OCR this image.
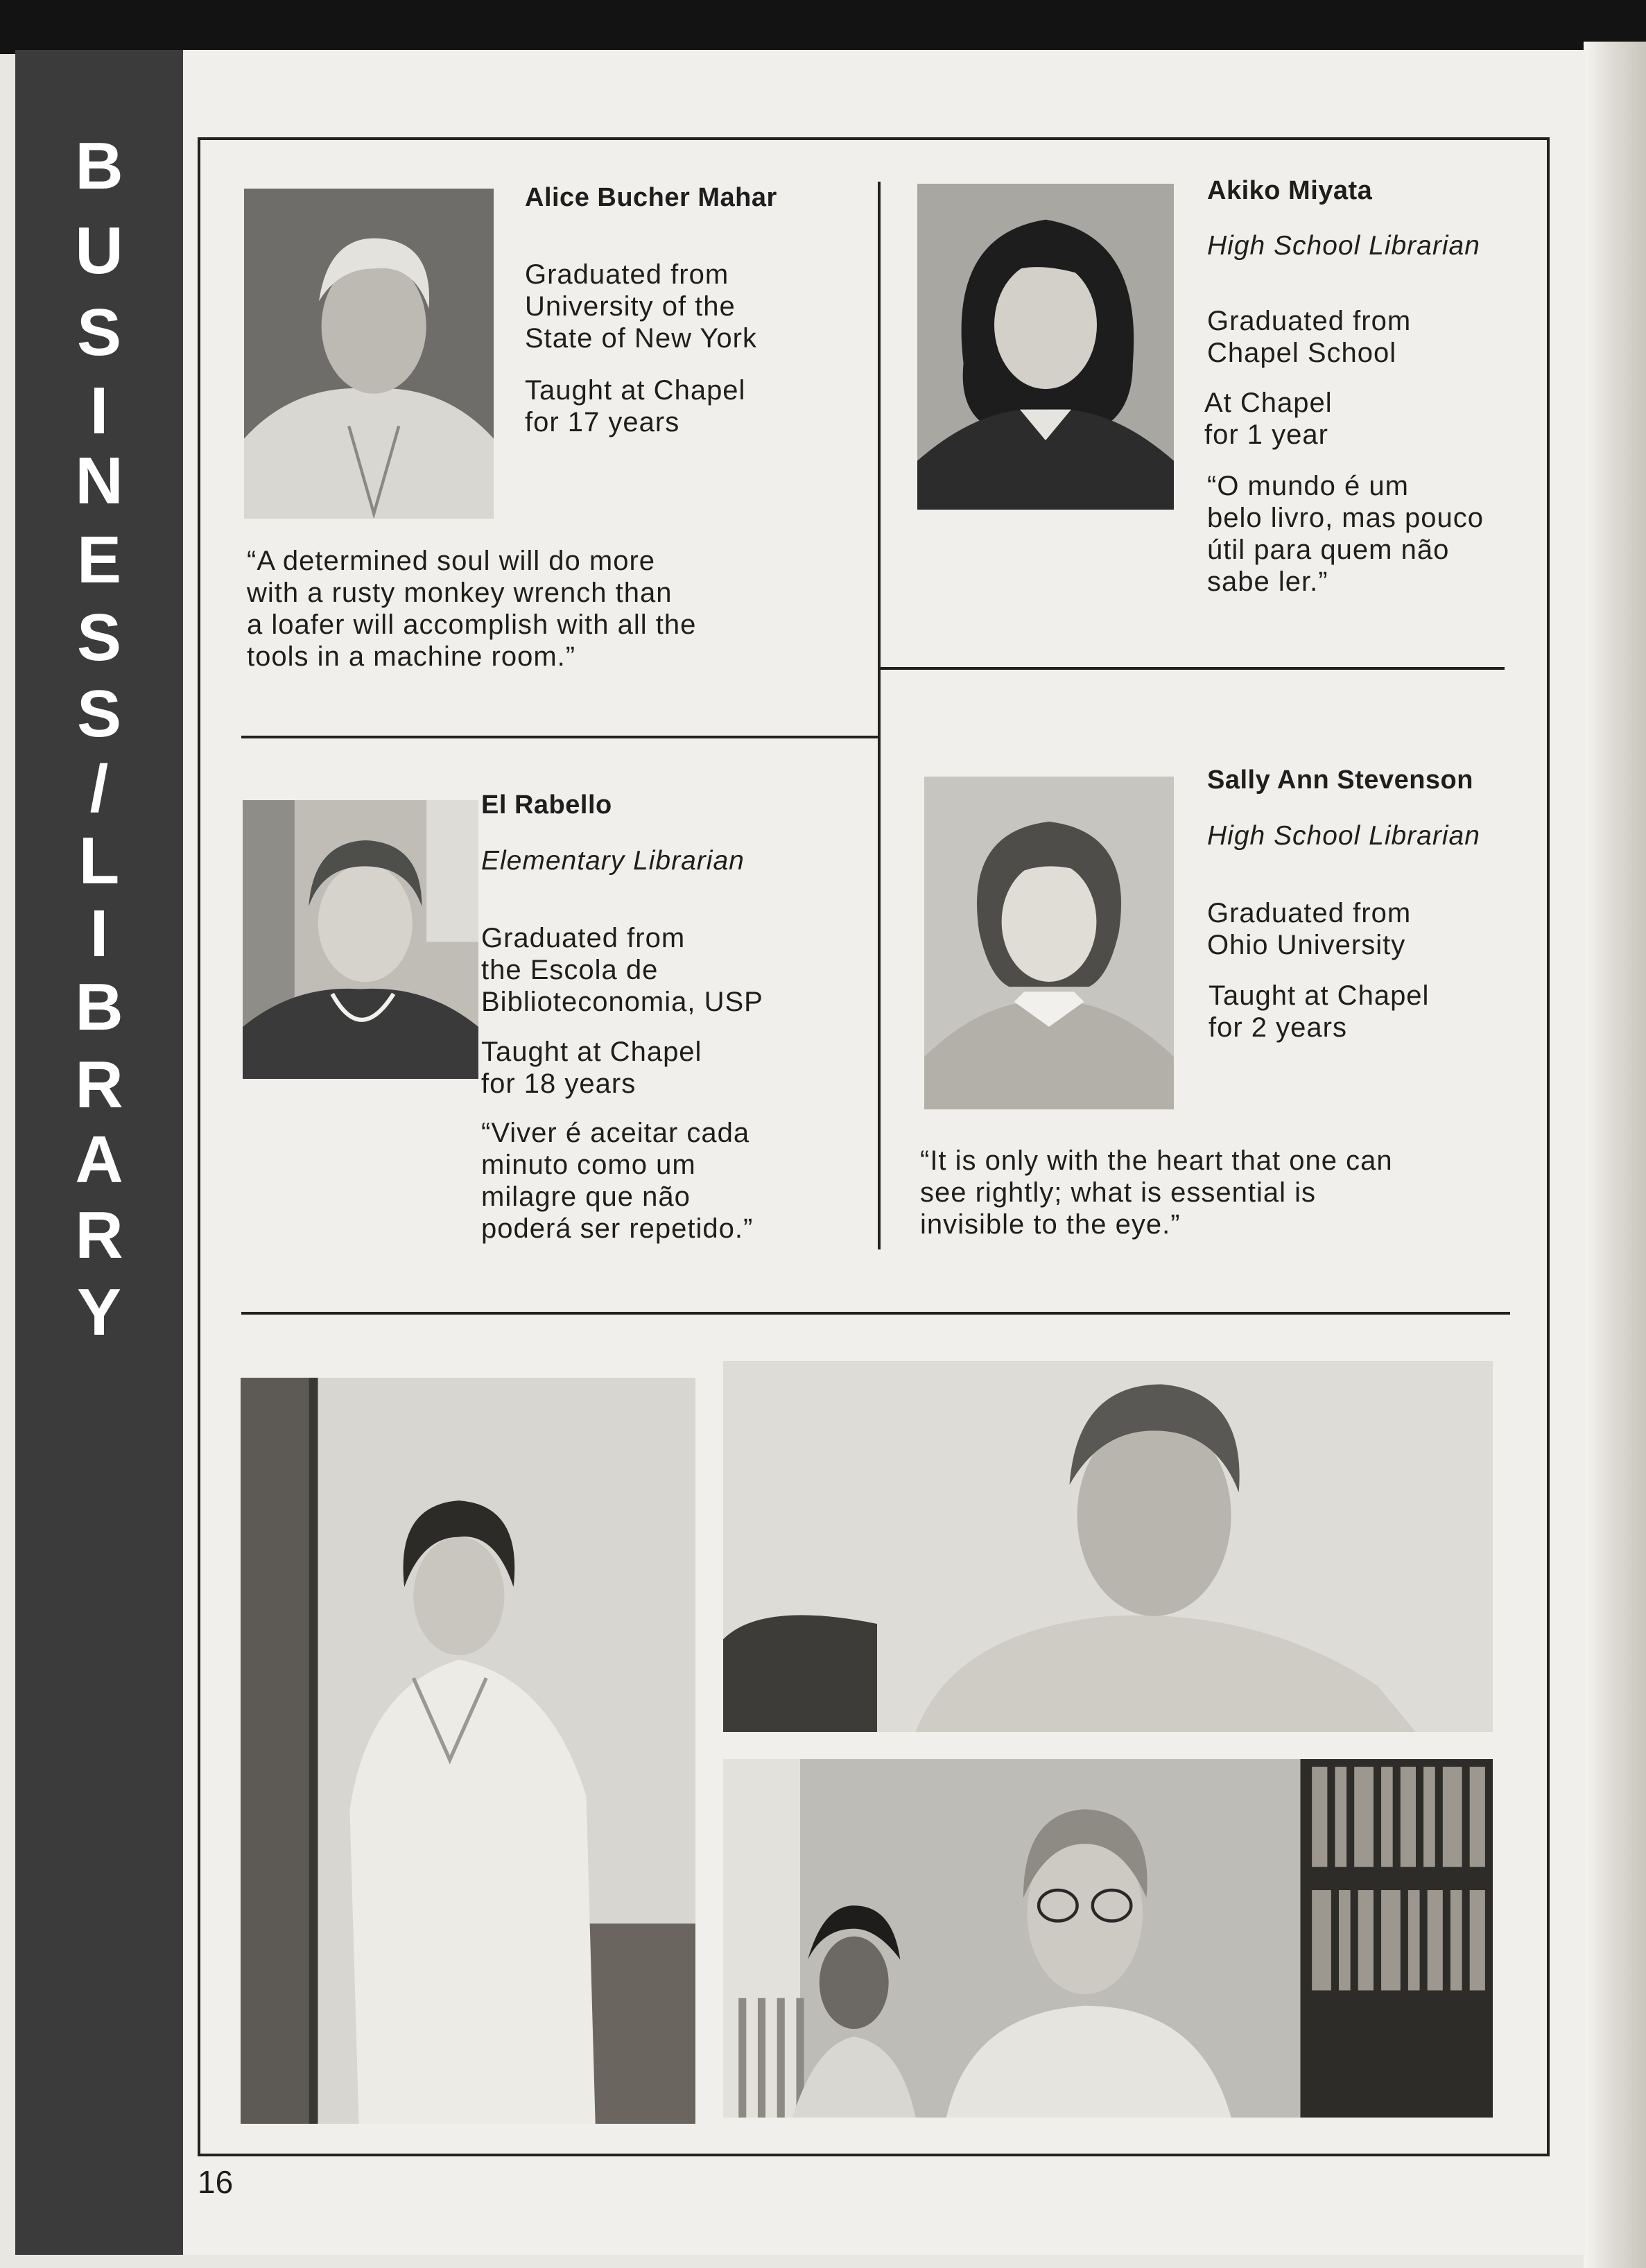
B
U
S
I
N
E
S
S
/
L
I
B
R
A
R
Y
Alice Bucher Mahar
Graduated from
University of the
State of New York
Taught at Chapel
for 17 years
“A determined soul will do more
with a rusty monkey wrench than
a loafer will accomplish with all the
tools in a machine room.”
Akiko Miyata
High School Librarian
Graduated from
Chapel School
At Chapel
for 1 year
“O mundo é um
belo livro, mas pouco
útil para quem não
sabe ler.”
El Rabello
Elementary Librarian
Graduated from
the Escola de
Biblioteconomia, USP
Taught at Chapel
for 18 years
“Viver é aceitar cada
minuto como um
milagre que não
poderá ser repetido.”
Sally Ann Stevenson
High School Librarian
Graduated from
Ohio University
Taught at Chapel
for 2 years
“It is only with the heart that one can
see rightly; what is essential is
invisible to the eye.”
16
